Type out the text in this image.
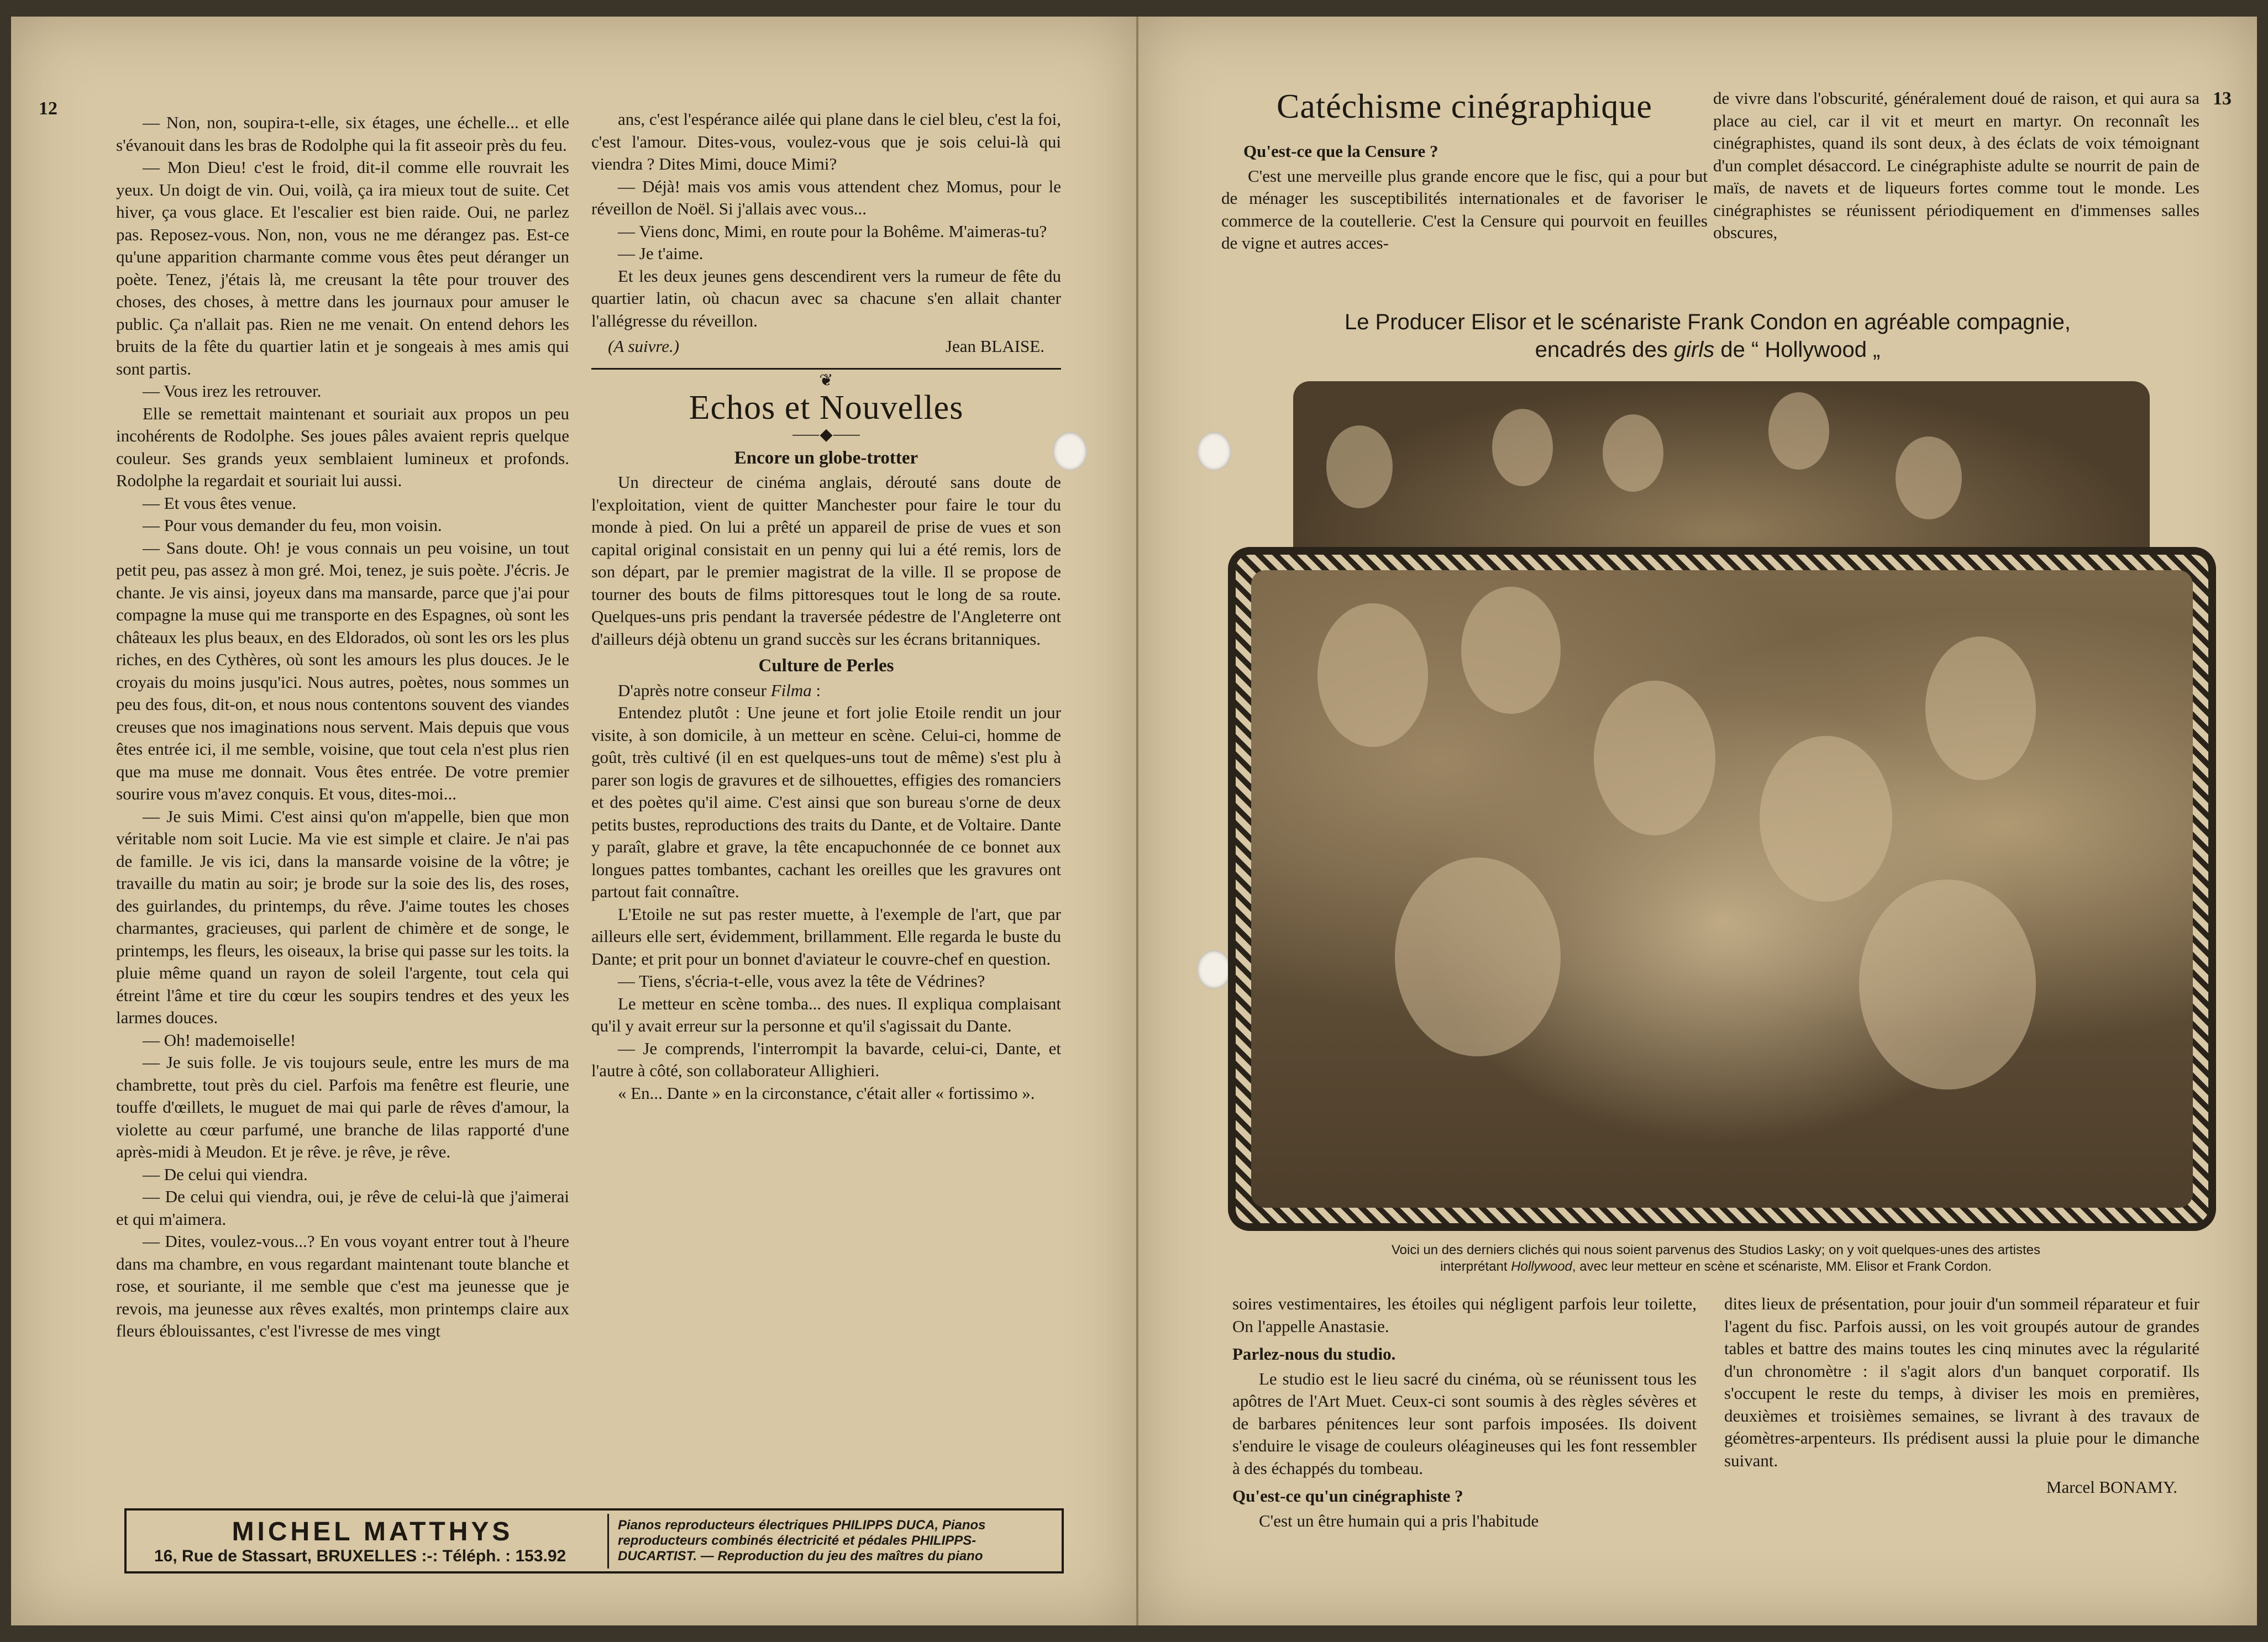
12

— Non, non, soupira-t-elle, six étages, une échelle... et elle s'évanouit dans les bras de Rodolphe qui la fit asseoir près du feu.

— Mon Dieu! c'est le froid, dit-il comme elle rouvrait les yeux. Un doigt de vin. Oui, voilà, ça ira mieux tout de suite. Cet hiver, ça vous glace. Et l'escalier est bien raide. Oui, ne parlez pas. Reposez-vous. Non, non, vous ne me dérangez pas. Est-ce qu'une apparition charmante comme vous êtes peut déranger un poète. Tenez, j'étais là, me creusant la tête pour trouver des choses, des choses, à mettre dans les journaux pour amuser le public. Ça n'allait pas. Rien ne me venait. On entend dehors les bruits de la fête du quartier latin et je songeais à mes amis qui sont partis.

— Vous irez les retrouver.

Elle se remettait maintenant et souriait aux propos un peu incohérents de Rodolphe. Ses joues pâles avaient repris quelque couleur. Ses grands yeux semblaient lumineux et profonds. Rodolphe la regardait et souriait lui aussi.

— Et vous êtes venue.

— Pour vous demander du feu, mon voisin.

— Sans doute. Oh! je vous connais un peu voisine, un tout petit peu, pas assez à mon gré. Moi, tenez, je suis poète. J'écris. Je chante. Je vis ainsi, joyeux dans ma mansarde, parce que j'ai pour compagne la muse qui me transporte en des Espagnes, où sont les châteaux les plus beaux, en des Eldorados, où sont les ors les plus riches, en des Cythères, où sont les amours les plus douces. Je le croyais du moins jusqu'ici. Nous autres, poètes, nous sommes un peu des fous, dit-on, et nous nous contentons souvent des viandes creuses que nos imaginations nous servent. Mais depuis que vous êtes entrée ici, il me semble, voisine, que tout cela n'est plus rien que ma muse me donnait. Vous êtes entrée. De votre premier sourire vous m'avez conquis. Et vous, dites-moi...

— Je suis Mimi. C'est ainsi qu'on m'appelle, bien que mon véritable nom soit Lucie. Ma vie est simple et claire. Je n'ai pas de famille. Je vis ici, dans la mansarde voisine de la vôtre; je travaille du matin au soir; je brode sur la soie des lis, des roses, des guirlandes, du printemps, du rêve. J'aime toutes les choses charmantes, gracieuses, qui parlent de chimère et de songe, le printemps, les fleurs, les oiseaux, la brise qui passe sur les toits. la pluie même quand un rayon de soleil l'argente, tout cela qui étreint l'âme et tire du cœur les soupirs tendres et des yeux les larmes douces.

— Oh! mademoiselle!

— Je suis folle. Je vis toujours seule, entre les murs de ma chambrette, tout près du ciel. Parfois ma fenêtre est fleurie, une touffe d'œillets, le muguet de mai qui parle de rêves d'amour, la violette au cœur parfumé, une branche de lilas rapporté d'une après-midi à Meudon. Et je rêve. je rêve, je rêve.

— De celui qui viendra.

— De celui qui viendra, oui, je rêve de celui-là que j'aimerai et qui m'aimera.

— Dites, voulez-vous...? En vous voyant entrer tout à l'heure dans ma chambre, en vous regardant maintenant toute blanche et rose, et souriante, il me semble que c'est ma jeunesse que je revois, ma jeunesse aux rêves exaltés, mon printemps claire aux fleurs éblouissantes, c'est l'ivresse de mes vingt

ans, c'est l'espérance ailée qui plane dans le ciel bleu, c'est la foi, c'est l'amour. Dites-vous, voulez-vous que je sois celui-là qui viendra ? Dites Mimi, douce Mimi?

— Déjà! mais vos amis vous attendent chez Momus, pour le réveillon de Noël. Si j'allais avec vous...

— Viens donc, Mimi, en route pour la Bohême. M'aimeras-tu?

— Je t'aime.

Et les deux jeunes gens descendirent vers la rumeur de fête du quartier latin, où chacun avec sa chacune s'en allait chanter l'allégresse du réveillon.

(A suivre.)	Jean BLAISE.
❦
Echos et Nouvelles
⸺◆⸺
Encore un globe-trotter

Un directeur de cinéma anglais, dérouté sans doute de l'exploitation, vient de quitter Manchester pour faire le tour du monde à pied. On lui a prêté un appareil de prise de vues et son capital original consistait en un penny qui lui a été remis, lors de son départ, par le premier magistrat de la ville. Il se propose de tourner des bouts de films pittoresques tout le long de sa route. Quelques-uns pris pendant la traversée pédestre de l'Angleterre ont d'ailleurs déjà obtenu un grand succès sur les écrans britanniques.

Culture de Perles

D'après notre conseur Filma :

Entendez plutôt : Une jeune et fort jolie Etoile rendit un jour visite, à son domicile, à un metteur en scène. Celui-ci, homme de goût, très cultivé (il en est quelques-uns tout de même) s'est plu à parer son logis de gravures et de silhouettes, effigies des romanciers et des poètes qu'il aime. C'est ainsi que son bureau s'orne de deux petits bustes, reproductions des traits du Dante, et de Voltaire. Dante y paraît, glabre et grave, la tête encapuchonnée de ce bonnet aux longues pattes tombantes, cachant les oreilles que les gravures ont partout fait connaître.

L'Etoile ne sut pas rester muette, à l'exemple de l'art, que par ailleurs elle sert, évidemment, brillamment. Elle regarda le buste du Dante; et prit pour un bonnet d'aviateur le couvre-chef en question.

— Tiens, s'écria-t-elle, vous avez la tête de Védrines?

Le metteur en scène tomba... des nues. Il expliqua complaisant qu'il y avait erreur sur la personne et qu'il s'agissait du Dante.

— Je comprends, l'interrompit la bavarde, celui-ci, Dante, et l'autre à côté, son collaborateur Allighieri.

« En... Dante » en la circonstance, c'était aller « fortissimo ».

MICHEL MATTHYS
16, Rue de Stassart, BRUXELLES :-: Téléph. : 153.92
Pianos reproducteurs électriques PHILIPPS DUCA, Pianos reproducteurs combinés électricité et pédales PHILIPPS-DUCARTIST. — Reproduction du jeu des maîtres du piano
13
Catéchisme cinégraphique
Qu'est-ce que la Censure ?

C'est une merveille plus grande encore que le fisc, qui a pour but de ménager les susceptibilités internationales et de favoriser le commerce de la coutellerie. C'est la Censure qui pourvoit en feuilles de vigne et autres acces-

de vivre dans l'obscurité, généralement doué de raison, et qui aura sa place au ciel, car il vit et meurt en martyr. On reconnaît les cinégraphistes, quand ils sont deux, à des éclats de voix témoignant d'un complet désaccord. Le cinégraphiste adulte se nourrit de pain de maïs, de navets et de liqueurs fortes comme tout le monde. Les cinégraphistes se réunissent périodiquement en d'immenses salles obscures,

Le Producer Elisor et le scénariste Frank Condon en agréable compagnie,
encadrés des girls de “ Hollywood „
Voici un des derniers clichés qui nous soient parvenus des Studios Lasky; on y voit quelques-unes des artistes
interprétant Hollywood, avec leur metteur en scène et scénariste, MM. Elisor et Frank Cordon.

soires vestimentaires, les étoiles qui négligent parfois leur toilette, On l'appelle Anastasie.

Parlez-nous du studio.

Le studio est le lieu sacré du cinéma, où se réunissent tous les apôtres de l'Art Muet. Ceux-ci sont soumis à des règles sévères et de barbares pénitences leur sont parfois imposées. Ils doivent s'enduire le visage de couleurs oléagineuses qui les font ressembler à des échappés du tombeau.

Qu'est-ce qu'un cinégraphiste ?

C'est un être humain qui a pris l'habitude

dites lieux de présentation, pour jouir d'un sommeil réparateur et fuir l'agent du fisc. Parfois aussi, on les voit groupés autour de grandes tables et battre des mains toutes les cinq minutes avec la régularité d'un chronomètre : il s'agit alors d'un banquet corporatif. Ils s'occupent le reste du temps, à diviser les mois en premières, deuxièmes et troisièmes semaines, se livrant à des travaux de géomètres-arpenteurs. Ils prédisent aussi la pluie pour le dimanche suivant.

Marcel BONAMY.
